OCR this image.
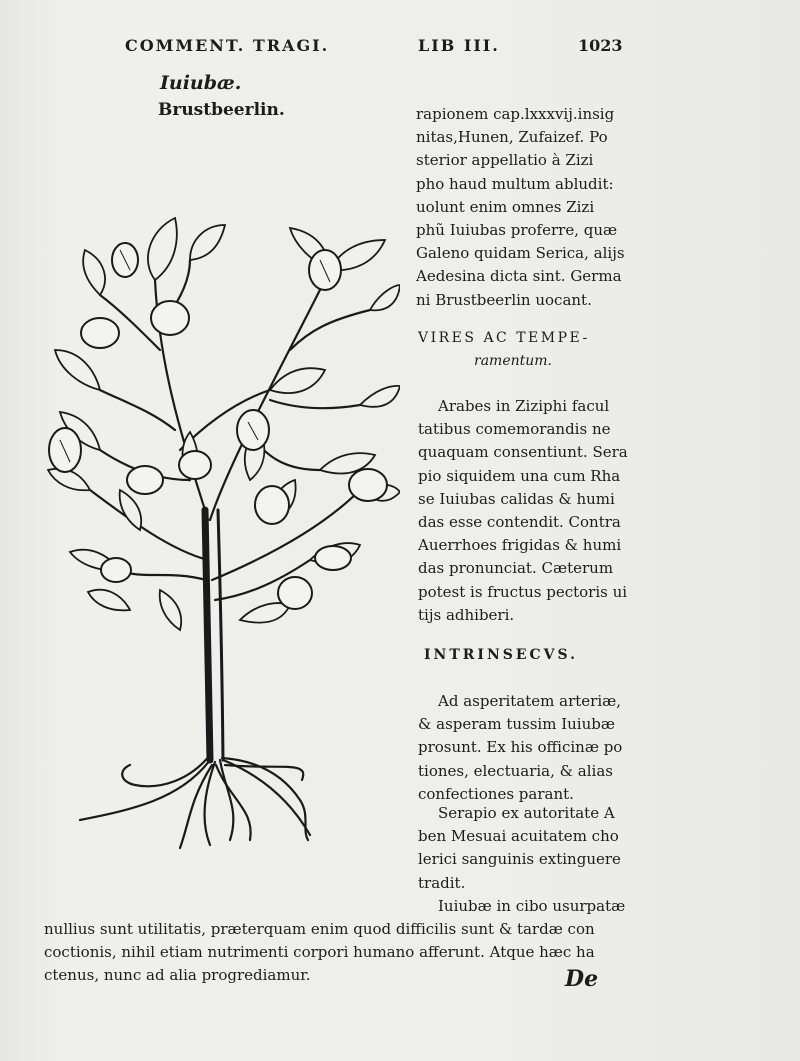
COMMENT. TRAGI.	LIB III.	1023
Iuiubæ.
Brustbeerlin.	rapionem cap.lxxxvij.insig
nitas,Hunen, Zufaizef. Po
sterior appellatio à Zizi
pho haud multum abludit:
uolunt enim omnes Zizi
phũ Iuiubas proferre, quæ
Galeno quidam Serica, alijs
Aedesina dicta sint. Germa
ni Brustbeerlin uocant.
VIRES AC TEMPE-
ramentum.
Arabes in Ziziphi facul
tatibus comemorandis ne
quaquam consentiunt. Sera
pio siquidem una cum Rha
se Iuiubas calidas & humi
das esse contendit. Contra
Auerrhoes frigidas & humi
das pronunciat. Cæterum
potest is fructus pectoris ui
tijs adhiberi.
INTRINSECVS.
Ad asperitatem arteriæ,
& asperam tussim Iuiubæ
prosunt. Ex his officinæ po
tiones, electuaria, & alias
confectiones parant.
Serapio ex autoritate A
ben Mesuai acuitatem cho
lerici sanguinis extinguere
tradit.
Iuiubæ in cibo usurpatæ
nullius sunt utilitatis, præterquam enim quod difficilis sunt & tardæ con
coctionis, nihil etiam nutrimenti corpori humano afferunt. Atque hæc ha
ctenus, nunc ad alia progrediamur.	De
